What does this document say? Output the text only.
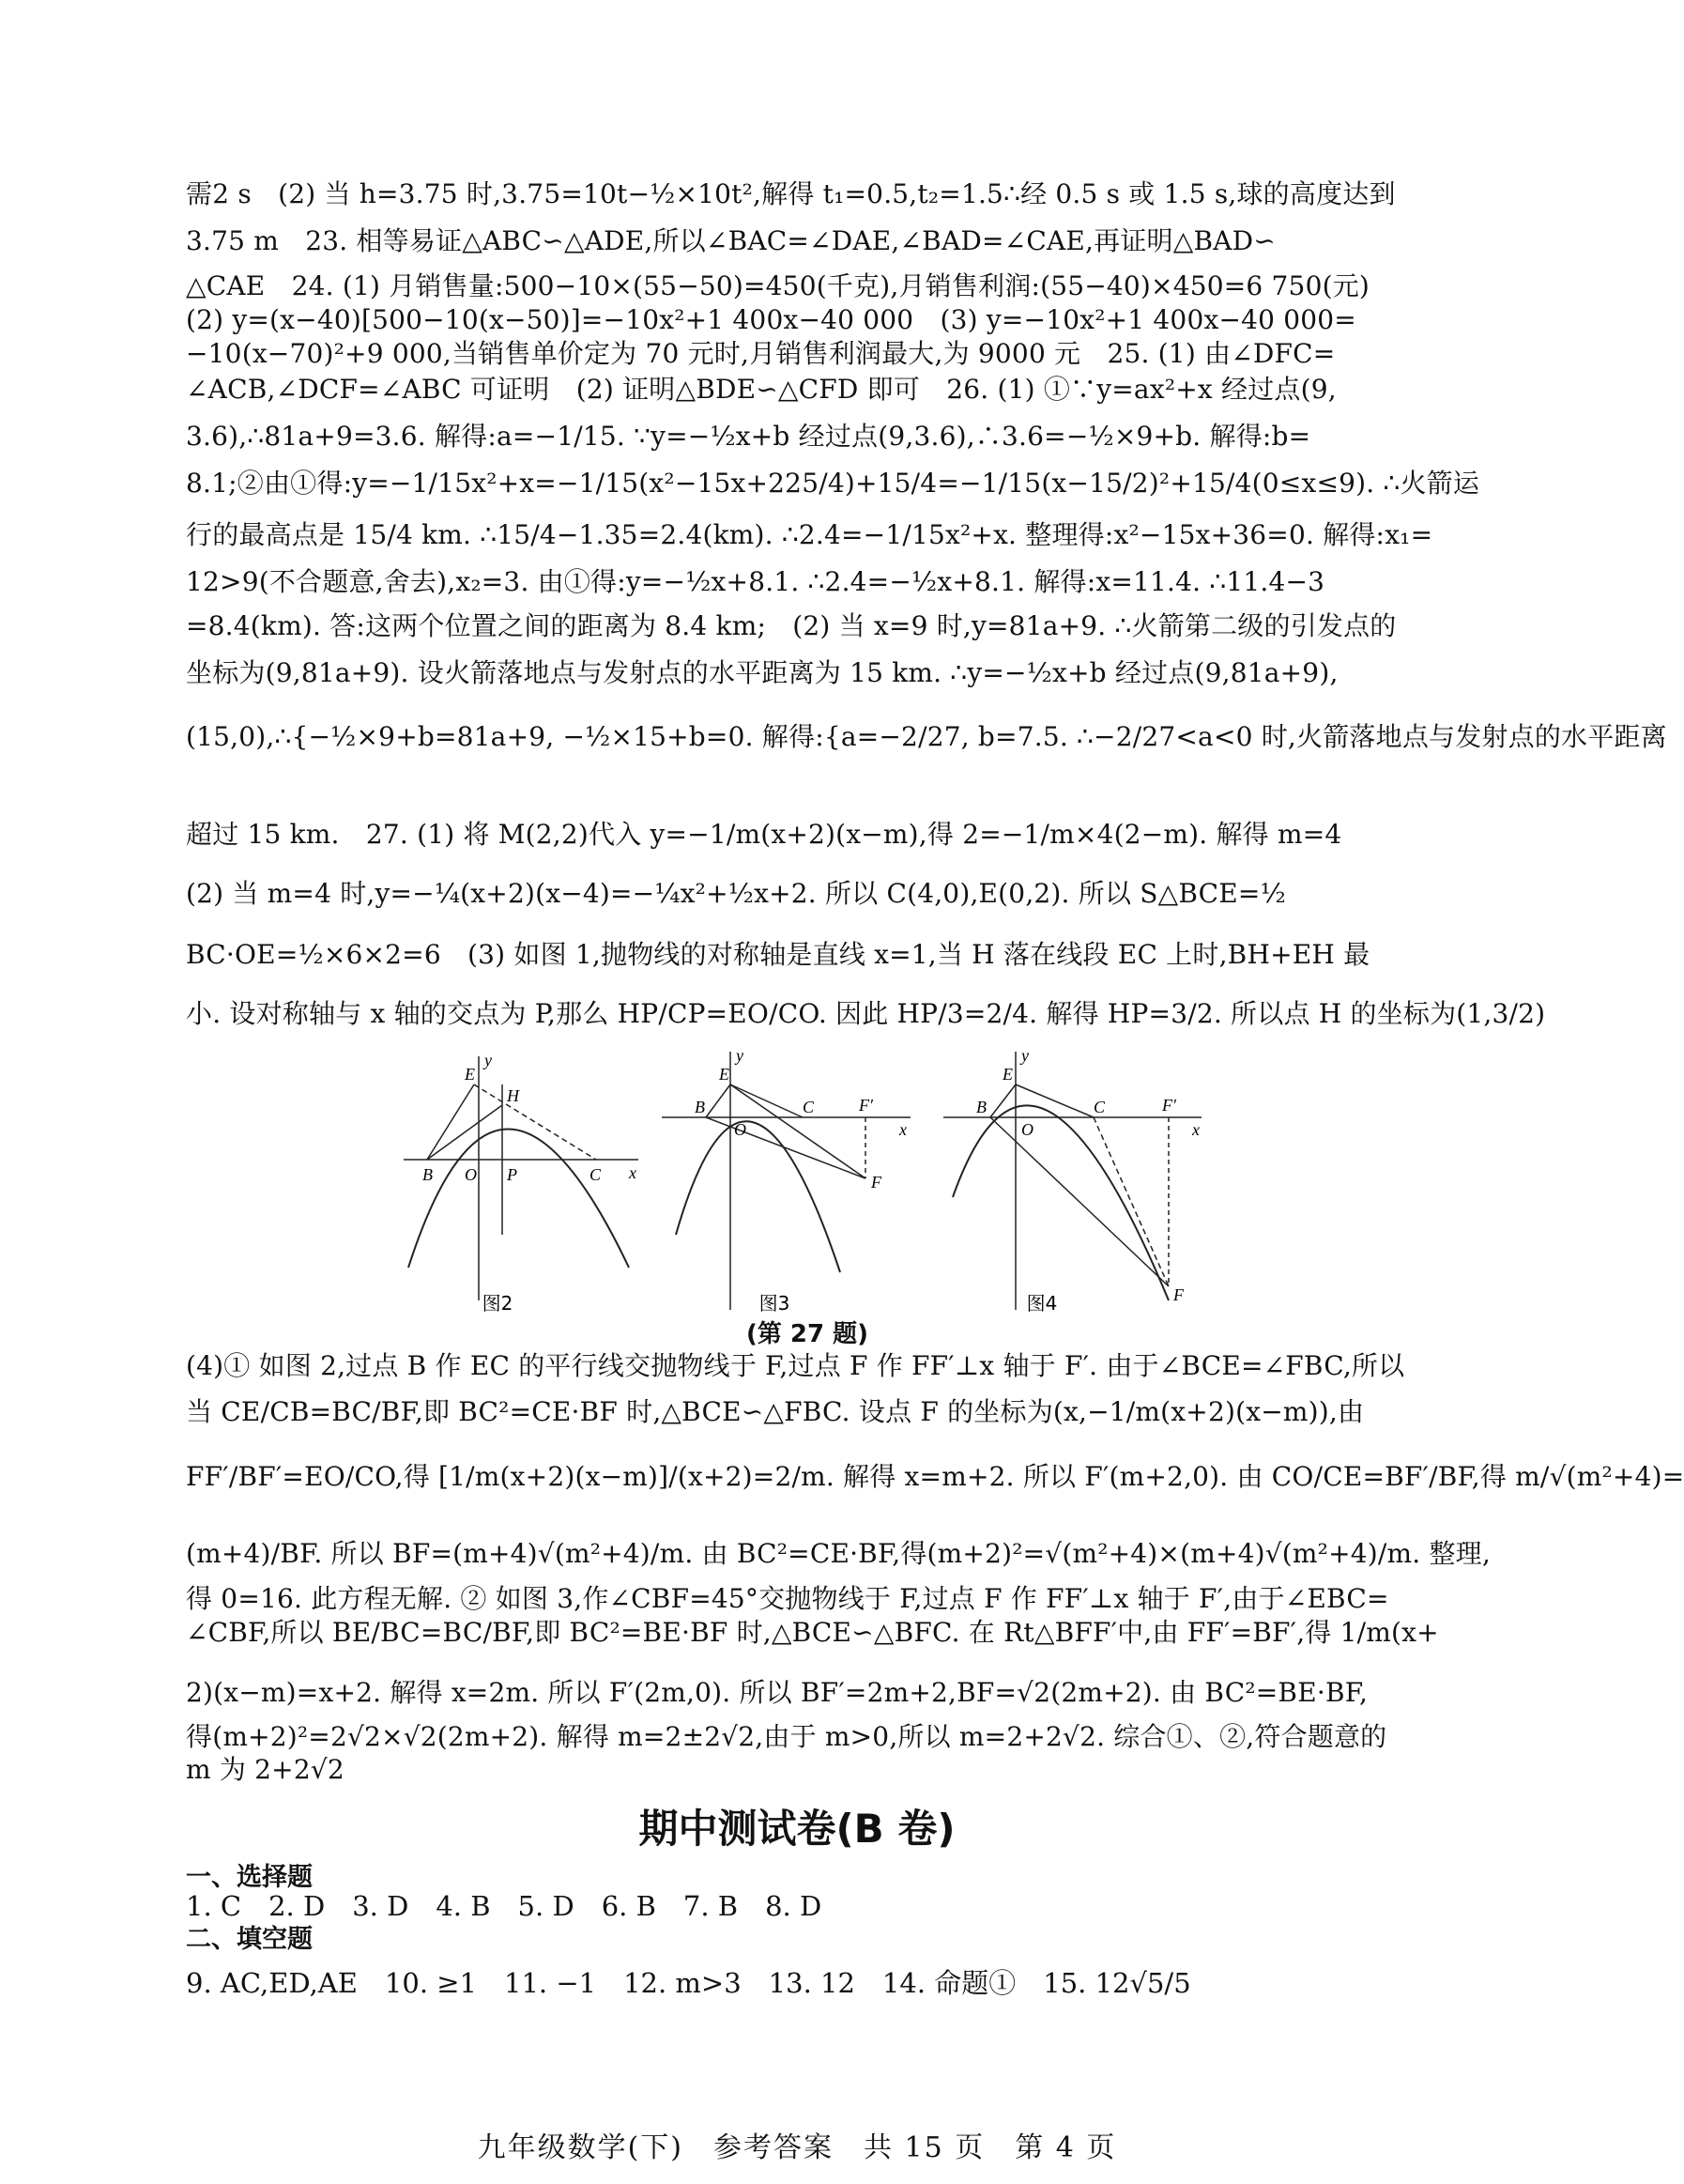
需2 s　(2) 当 h=3.75 时,3.75=10t−½×10t²,解得 t₁=0.5,t₂=1.5∴经 0.5 s 或 1.5 s,球的高度达到
3.75 m　23. 相等易证△ABC∽△ADE,所以∠BAC=∠DAE,∠BAD=∠CAE,再证明△BAD∽
△CAE　24. (1) 月销售量:500−10×(55−50)=450(千克),月销售利润:(55−40)×450=6 750(元)
(2) y=(x−40)[500−10(x−50)]=−10x²+1 400x−40 000　(3) y=−10x²+1 400x−40 000=
−10(x−70)²+9 000,当销售单价定为 70 元时,月销售利润最大,为 9000 元　25. (1) 由∠DFC=
∠ACB,∠DCF=∠ABC 可证明　(2) 证明△BDE∽△CFD 即可　26. (1) ①∵y=ax²+x 经过点(9,
3.6),∴81a+9=3.6. 解得:a=−1/15. ∵y=−½x+b 经过点(9,3.6),∴3.6=−½×9+b. 解得:b=
8.1;②由①得:y=−1/15x²+x=−1/15(x²−15x+225/4)+15/4=−1/15(x−15/2)²+15/4(0≤x≤9). ∴火箭运
行的最高点是 15/4 km. ∴15/4−1.35=2.4(km). ∴2.4=−1/15x²+x. 整理得:x²−15x+36=0. 解得:x₁=
12>9(不合题意,舍去),x₂=3. 由①得:y=−½x+8.1. ∴2.4=−½x+8.1. 解得:x=11.4. ∴11.4−3
=8.4(km). 答:这两个位置之间的距离为 8.4 km;　(2) 当 x=9 时,y=81a+9. ∴火箭第二级的引发点的
坐标为(9,81a+9). 设火箭落地点与发射点的水平距离为 15 km. ∴y=−½x+b 经过点(9,81a+9),
(15,0),∴{−½×9+b=81a+9, −½×15+b=0. 解得:{a=−2/27, b=7.5. ∴−2/27<a<0 时,火箭落地点与发射点的水平距离
超过 15 km.　27. (1) 将 M(2,2)代入 y=−1/m(x+2)(x−m),得 2=−1/m×4(2−m). 解得 m=4
(2) 当 m=4 时,y=−¼(x+2)(x−4)=−¼x²+½x+2. 所以 C(4,0),E(0,2). 所以 S△BCE=½
BC·OE=½×6×2=6　(3) 如图 1,抛物线的对称轴是直线 x=1,当 H 落在线段 EC 上时,BH+EH 最
小. 设对称轴与 x 轴的交点为 P,那么 HP/CP=EO/CO. 因此 HP/3=2/4. 解得 HP=3/2. 所以点 H 的坐标为(1,3/2)
(4)① 如图 2,过点 B 作 EC 的平行线交抛物线于 F,过点 F 作 FF′⊥x 轴于 F′. 由于∠BCE=∠FBC,所以
当 CE/CB=BC/BF,即 BC²=CE·BF 时,△BCE∽△FBC. 设点 F 的坐标为(x,−1/m(x+2)(x−m)),由
FF′/BF′=EO/CO,得 [1/m(x+2)(x−m)]/(x+2)=2/m. 解得 x=m+2. 所以 F′(m+2,0). 由 CO/CE=BF′/BF,得 m/√(m²+4)=
(m+4)/BF. 所以 BF=(m+4)√(m²+4)/m. 由 BC²=CE·BF,得(m+2)²=√(m²+4)×(m+4)√(m²+4)/m. 整理,
得 0=16. 此方程无解. ② 如图 3,作∠CBF=45°交抛物线于 F,过点 F 作 FF′⊥x 轴于 F′,由于∠EBC=
∠CBF,所以 BE/BC=BC/BF,即 BC²=BE·BF 时,△BCE∽△BFC. 在 Rt△BFF′中,由 FF′=BF′,得 1/m(x+
2)(x−m)=x+2. 解得 x=2m. 所以 F′(2m,0). 所以 BF′=2m+2,BF=√2(2m+2). 由 BC²=BE·BF,
得(m+2)²=2√2×√2(2m+2). 解得 m=2±2√2,由于 m>0,所以 m=2+2√2. 综合①、②,符合题意的
m 为 2+2√2
E
H
B O P	C x
y
图2
E
B	C	F′
O	x
F
y
图3
E
B	C	F′
O	x
F
y
图4
(第 27 题)
期中测试卷(B 卷)
一、选择题
1. C　2. D　3. D　4. B　5. D　6. B　7. B　8. D
二、填空题
9. AC,ED,AE　10. ≥1　11. −1　12. m>3　13. 12　14. 命题①　15. 12√5/5
九年级数学(下)　参考答案　共 15 页　第 4 页
